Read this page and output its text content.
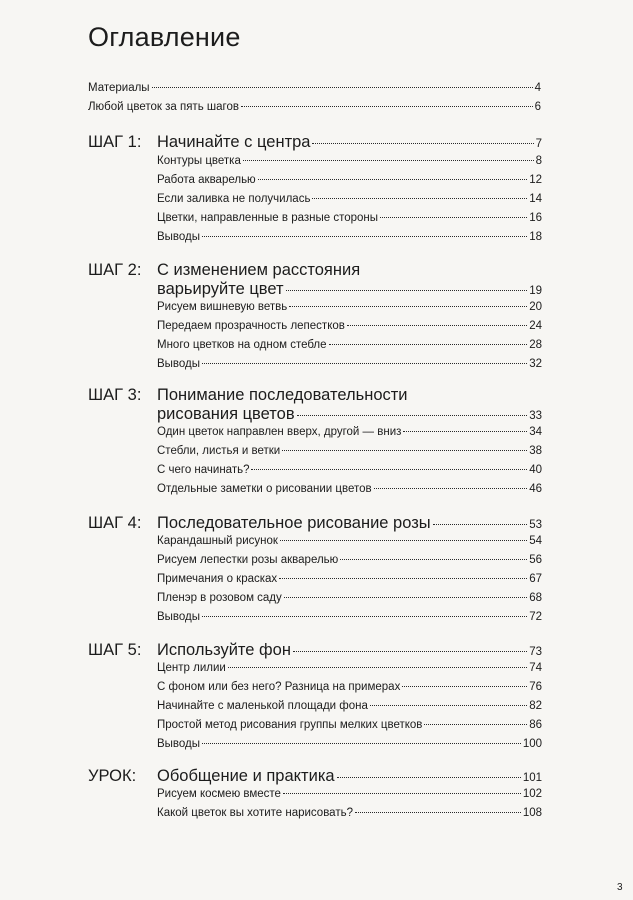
Оглавление
Материалы	4
Любой цветок за пять шагов	6
ШАГ 1: Начинайте с центра	7
Контуры цветка	8
Работа акварелью	12
Если заливка не получилась	14
Цветки, направленные в разные стороны	16
Выводы	18
ШАГ 2: С изменением расстояния
варьируйте цвет	19
Рисуем вишневую ветвь	20
Передаем прозрачность лепестков	24
Много цветков на одном стебле	28
Выводы	32
ШАГ 3: Понимание последовательности
рисования цветов	33
Один цветок направлен вверх, другой — вниз	34
Стебли, листья и ветки	38
С чего начинать?	40
Отдельные заметки о рисовании цветов	46
ШАГ 4: Последовательное рисование розы	53
Карандашный рисунок	54
Рисуем лепестки розы акварелью	56
Примечания о красках	67
Пленэр в розовом саду	68
Выводы	72
ШАГ 5: Используйте фон	73
Центр лилии	74
С фоном или без него? Разница на примерах	76
Начинайте с маленькой площади фона	82
Простой метод рисования группы мелких цветков	86
Выводы	100
УРОК: Обобщение и практика	101
Рисуем космею вместе	102
Какой цветок вы хотите нарисовать?	108
3
